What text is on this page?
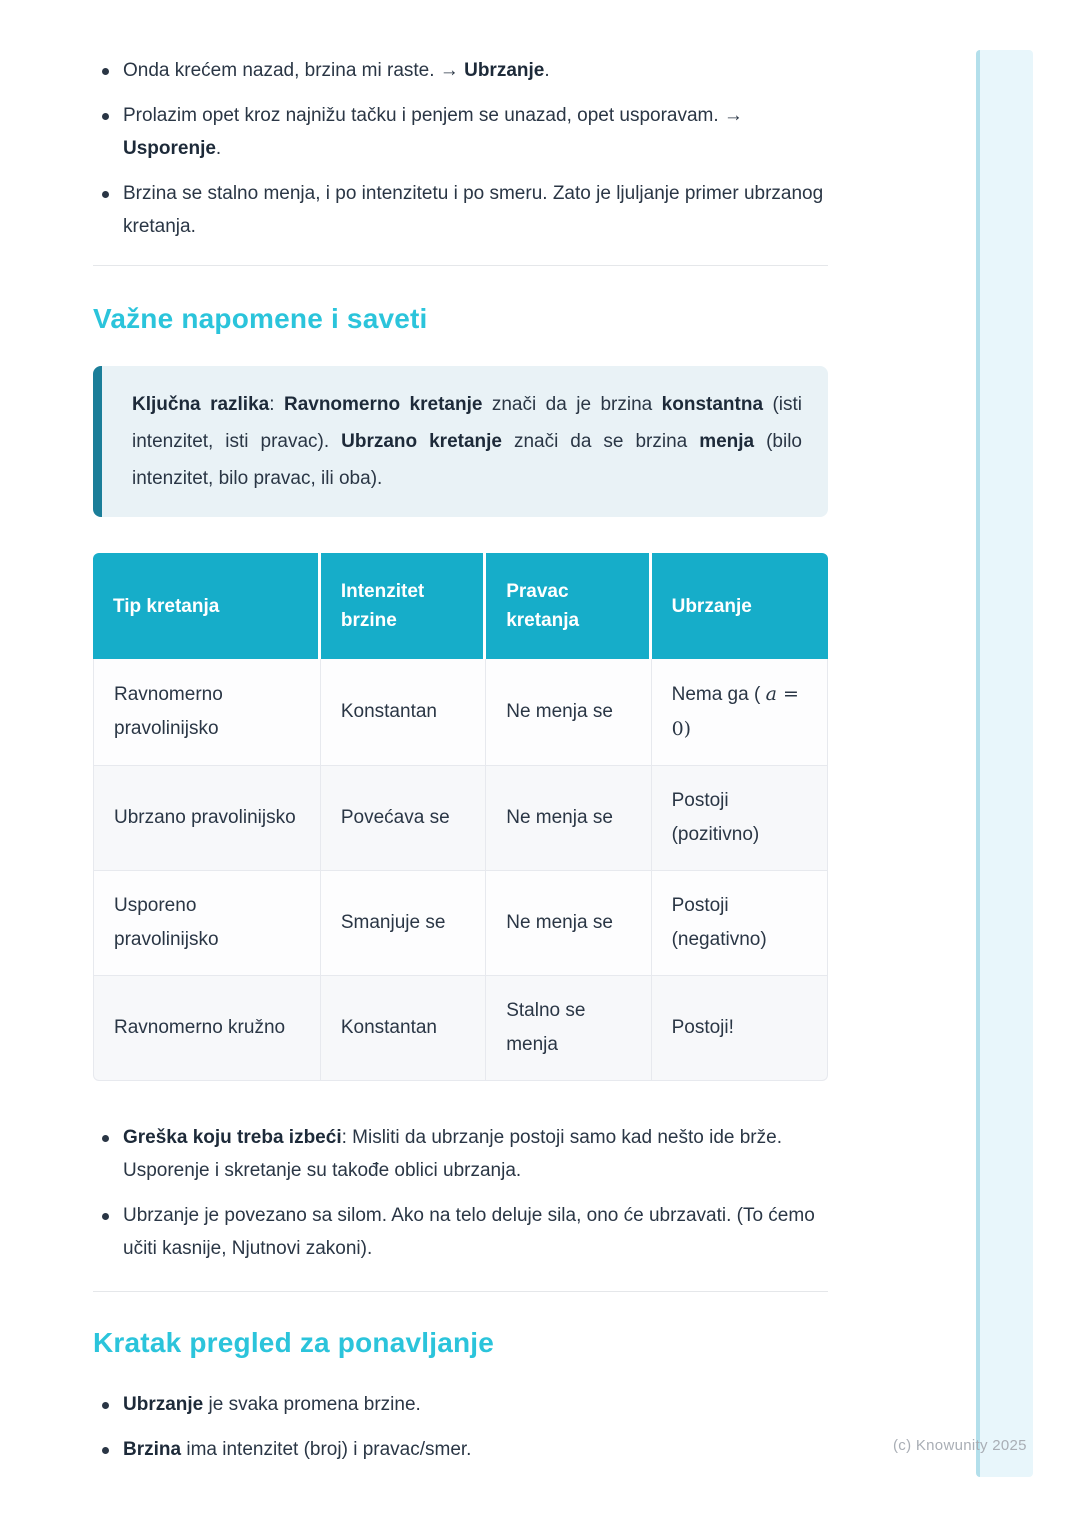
Onda krećem nazad, brzina mi raste. → Ubrzanje.
Prolazim opet kroz najnižu tačku i penjem se unazad, opet usporavam. → Usporenje.
Brzina se stalno menja, i po intenzitetu i po smeru. Zato je ljuljanje primer ubrzanog kretanja.
Važne napomene i saveti

Ključna razlika: Ravnomerno kretanje znači da je brzina konstantna (isti intenzitet, isti pravac). Ubrzano kretanje znači da se brzina menja (bilo intenzitet, bilo pravac, ili oba).

Tip kretanja	Intenzitet brzine	Pravac kretanja	Ubrzanje
Ravnomerno pravolinijsko	Konstantan	Ne menja se	Nema ga ( a = 0)
Ubrzano pravolinijsko	Povećava se	Ne menja se	Postoji (pozitivno)
Usporeno pravolinijsko	Smanjuje se	Ne menja se	Postoji (negativno)
Ravnomerno kružno	Konstantan	Stalno se menja	Postoji!
Greška koju treba izbeći: Misliti da ubrzanje postoji samo kad nešto ide brže. Usporenje i skretanje su takođe oblici ubrzanja.
Ubrzanje je povezano sa silom. Ako na telo deluje sila, ono će ubrzavati. (To ćemo učiti kasnije, Njutnovi zakoni).
Kratak pregled za ponavljanje
Ubrzanje je svaka promena brzine.
Brzina ima intenzitet (broj) i pravac/smer.	(c) Knowunity 2025
